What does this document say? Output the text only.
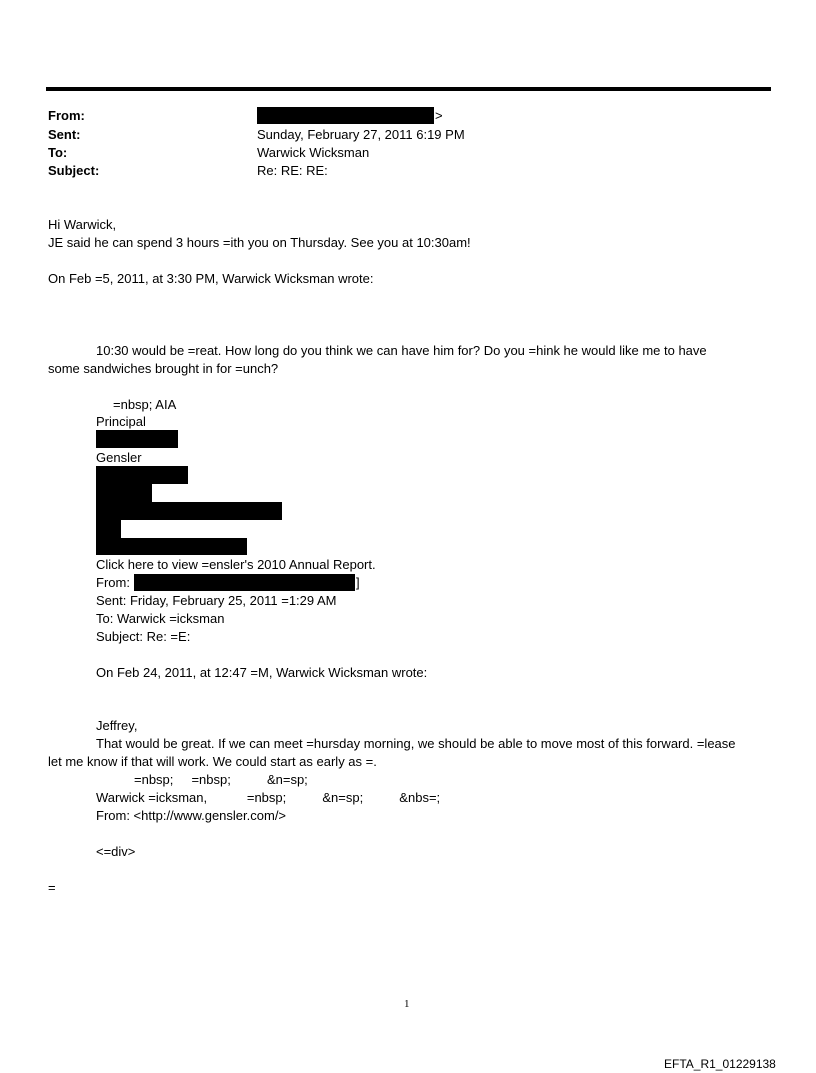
From:	>
Sent:	Sunday, February 27, 2011 6:19 PM
To:	Warwick Wicksman
Subject:	Re: RE: RE:
Hi Warwick,
JE said he can spend 3 hours =ith you on Thursday. See you at 10:30am!
On Feb =5, 2011, at 3:30 PM, Warwick Wicksman wrote:
10:30 would be =reat. How long do you think we can have him for? Do you =hink he would like me to have
some sandwiches brought in for =unch?
=nbsp; AIA
Principal
Gensler
Click here to view =ensler's 2010 Annual Report.
From:	]
Sent: Friday, February 25, 2011 =1:29 AM
To: Warwick =icksman
Subject: Re: =E:
On Feb 24, 2011, at 12:47 =M, Warwick Wicksman wrote:
Jeffrey,
That would be great. If we can meet =hursday morning, we should be able to move most of this forward. =lease
let me know if that will work. We could start as early as =.
=nbsp;     =nbsp;          &n=sp;
Warwick =icksman,           =nbsp;          &n=sp;          &nbs=;
From: <http://www.gensler.com/>
<=div>
=
1
EFTA_R1_01229138
